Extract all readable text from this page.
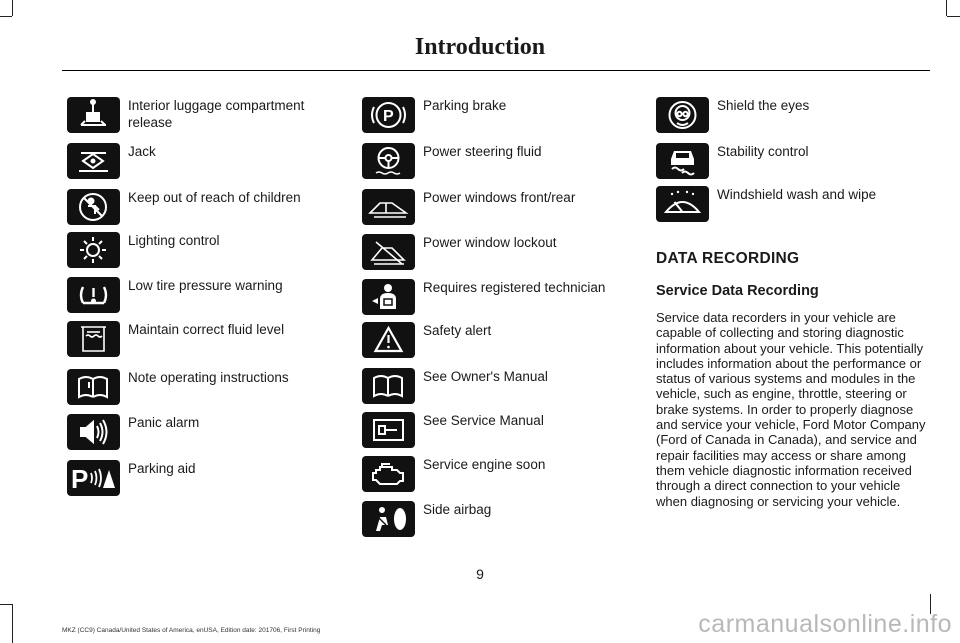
Introduction
Interior luggage compartment release
Jack
Keep out of reach of children
Lighting control
Low tire pressure warning
Maintain correct fluid level
Note operating instructions
Panic alarm
P	Parking aid
P
Parking brake
Power steering fluid
Power windows front/rear
Power window lockout
Requires registered technician
Safety alert
See Owner's Manual
See Service Manual
Service engine soon
Side airbag
Shield the eyes
Stability control
Windshield wash and wipe
DATA RECORDING
Service Data Recording
Service data recorders in your vehicle are capable of collecting and storing diagnostic information about your vehicle. This potentially includes information about the performance or status of various systems and modules in the vehicle, such as engine, throttle, steering or brake systems. In order to properly diagnose and service your vehicle, Ford Motor Company (Ford of Canada in Canada), and service and repair facilities may access or share among them vehicle diagnostic information received through a direct connection to your vehicle when diagnosing or servicing your vehicle.
9
MKZ (CC9) Canada/United States of America, enUSA, Edition date: 201706, First Printing	carmanualsonline.info
